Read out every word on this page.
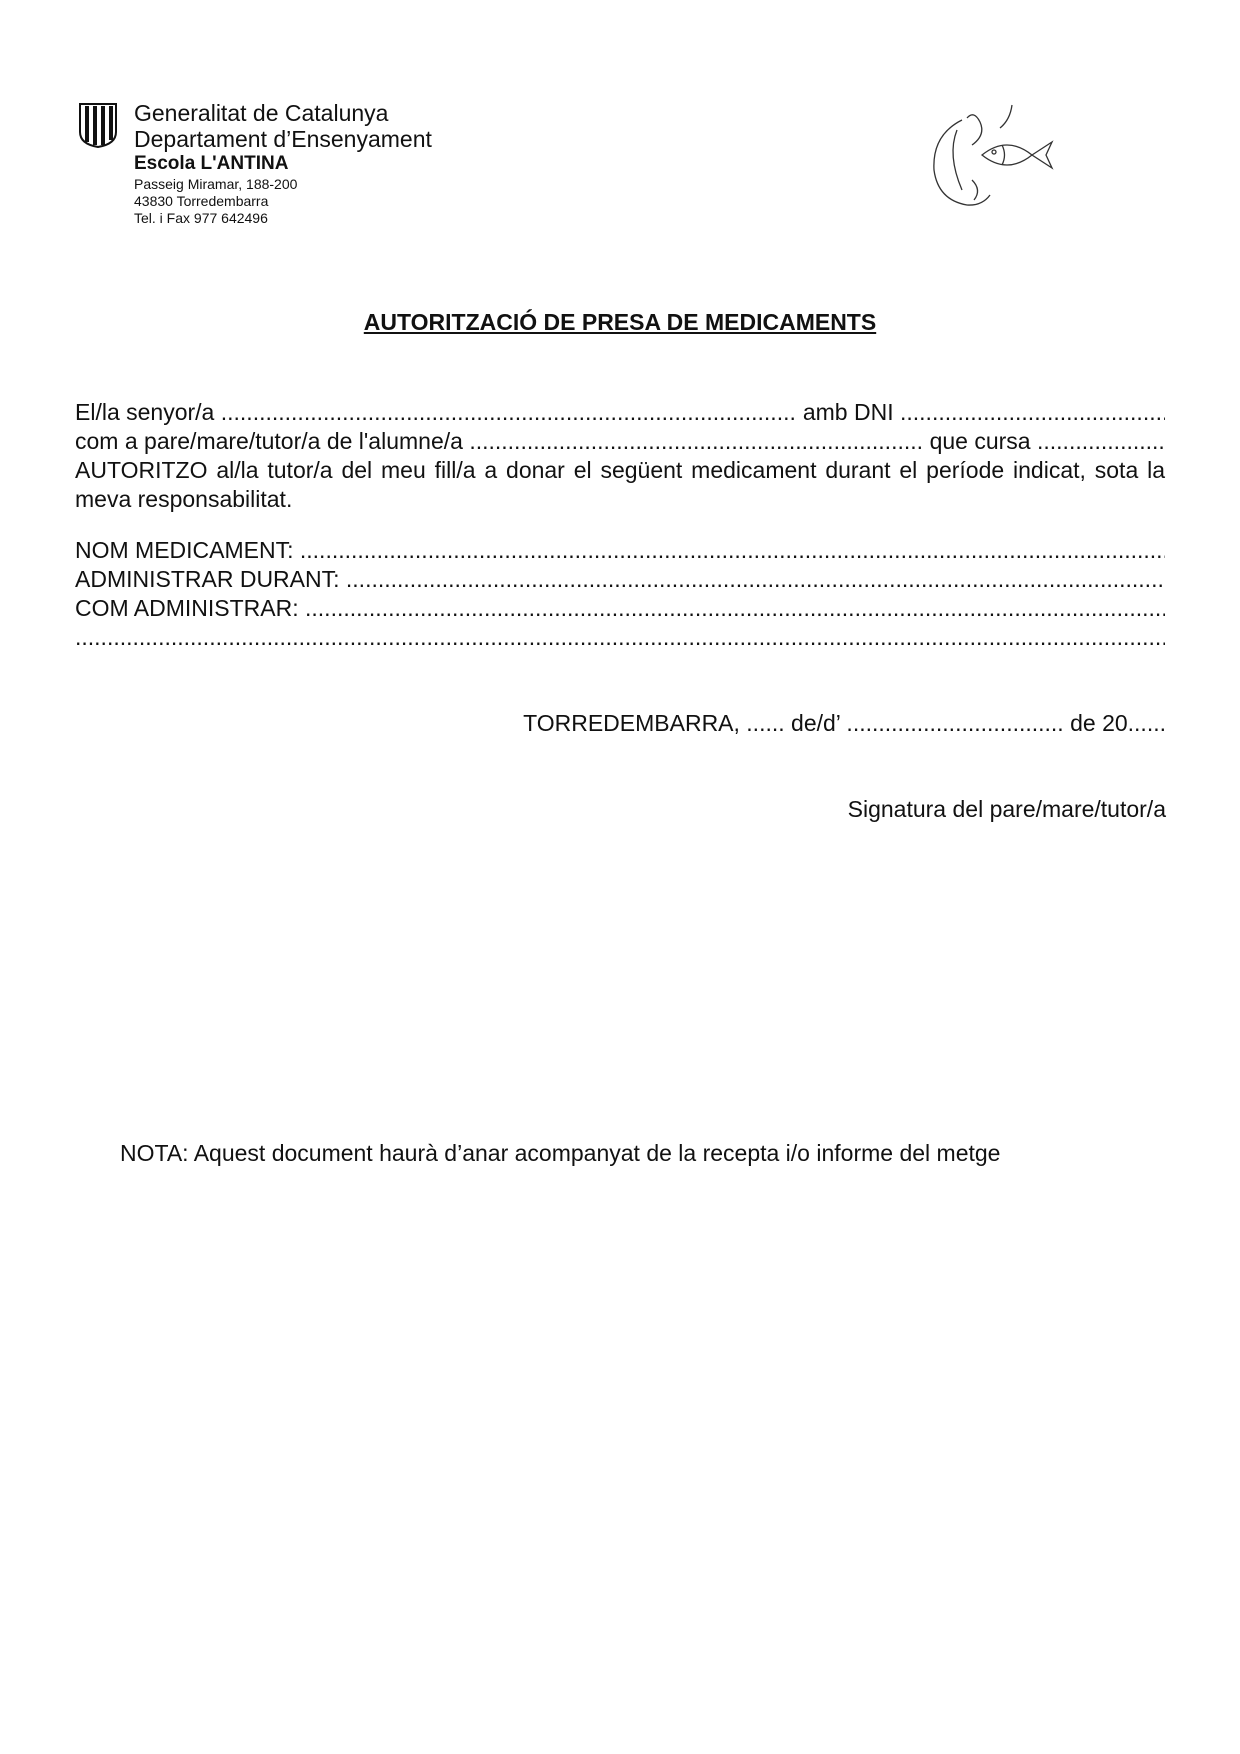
Generalitat de Catalunya
Departament d’Ensenyament
Escola L'ANTINA
Passeig Miramar, 188-200
43830 Torredembarra
Tel. i Fax 977 642496
AUTORITZACIÓ DE PRESA DE MEDICAMENTS
El/la senyor/a
.....
	amb DNI

.....
com a pare/mare/tutor/a de l'alumne/a
.....
	que cursa

.....
AUTORITZO al/la tutor/a del meu fill/a a donar el següent medicament durant el període indicat, sota la meva responsabilitat.
NOM MEDICAMENT:

.....
ADMINISTRAR DURANT:

.....
COM ADMINISTRAR:

.....
.....
TORREDEMBARRA, ...... de/d’ .................................. de 20......
Signatura del pare/mare/tutor/a
NOTA: Aquest document haurà d’anar acompanyat de la recepta i/o informe del metge
